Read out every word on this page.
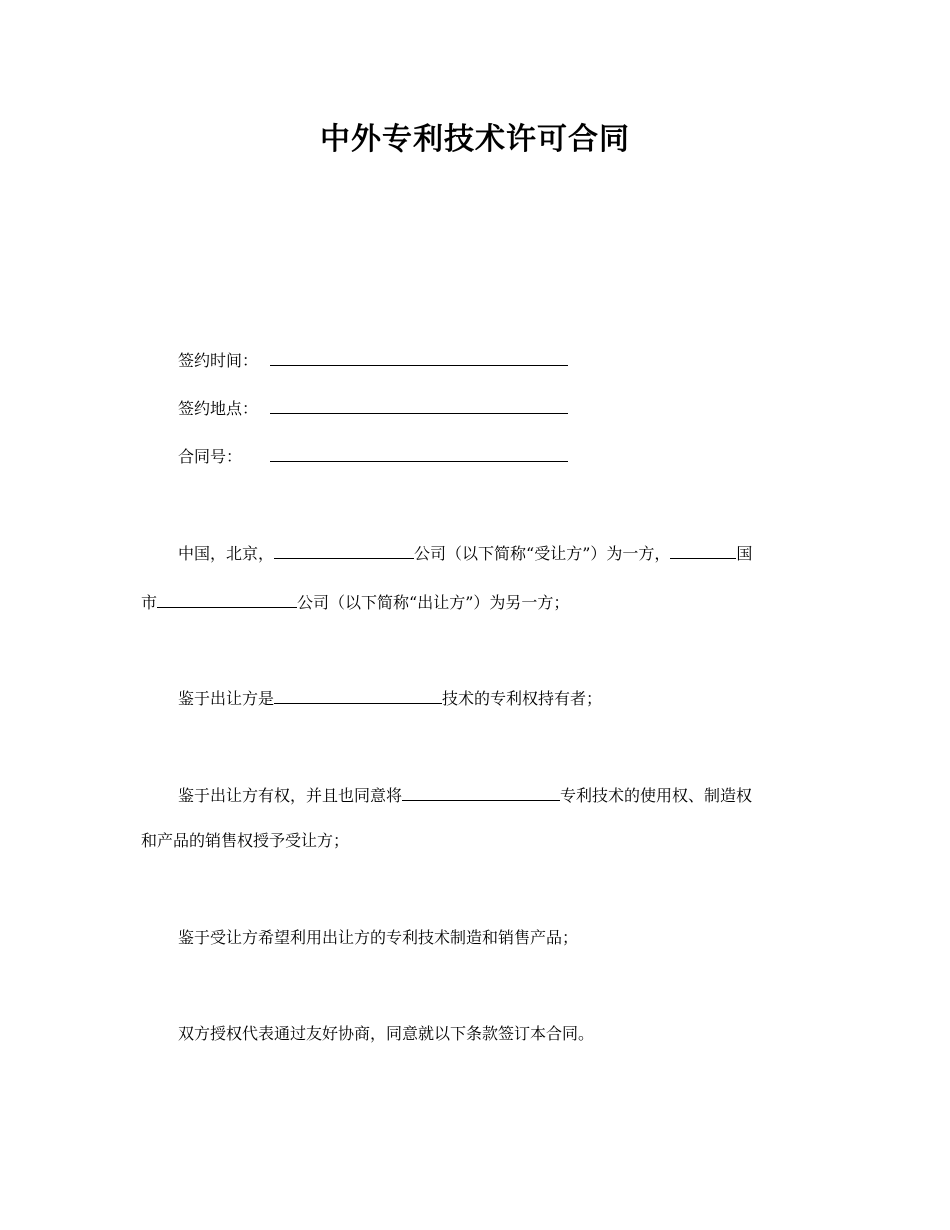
中外专利技术许可合同
签约时间：
签约地点：
合同号：
中国，北京，	公司（以下简称“受让方”）为一方，	国
市	公司（以下简称“出让方”）为另一方；
鉴于出让方是	技术的专利权持有者；
鉴于出让方有权，并且也同意将	专利技术的使用权、制造权
和产品的销售权授予受让方；
鉴于受让方希望利用出让方的专利技术制造和销售产品；
双方授权代表通过友好协商，同意就以下条款签订本合同。
